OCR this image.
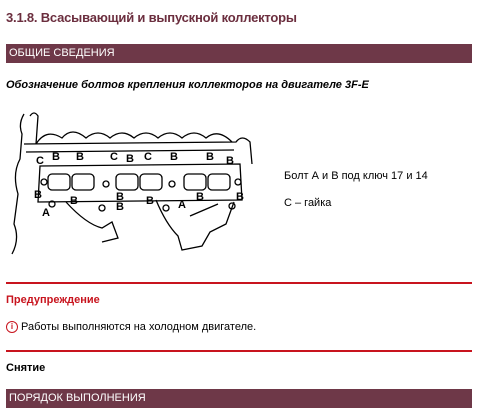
3.1.8. Всасывающий и выпускной коллекторы
ОБЩИЕ СВЕДЕНИЯ
Обозначение болтов крепления коллекторов на двигателе 3F-E
C B	C B C B
B	B B
B	B	B
A
B
B	A
B	B
Болт А и В под ключ 17 и 14
С – гайка
Предупреждение
i Работы выполняются на холодном двигателе.
Снятие
ПОРЯДОК ВЫПОЛНЕНИЯ
